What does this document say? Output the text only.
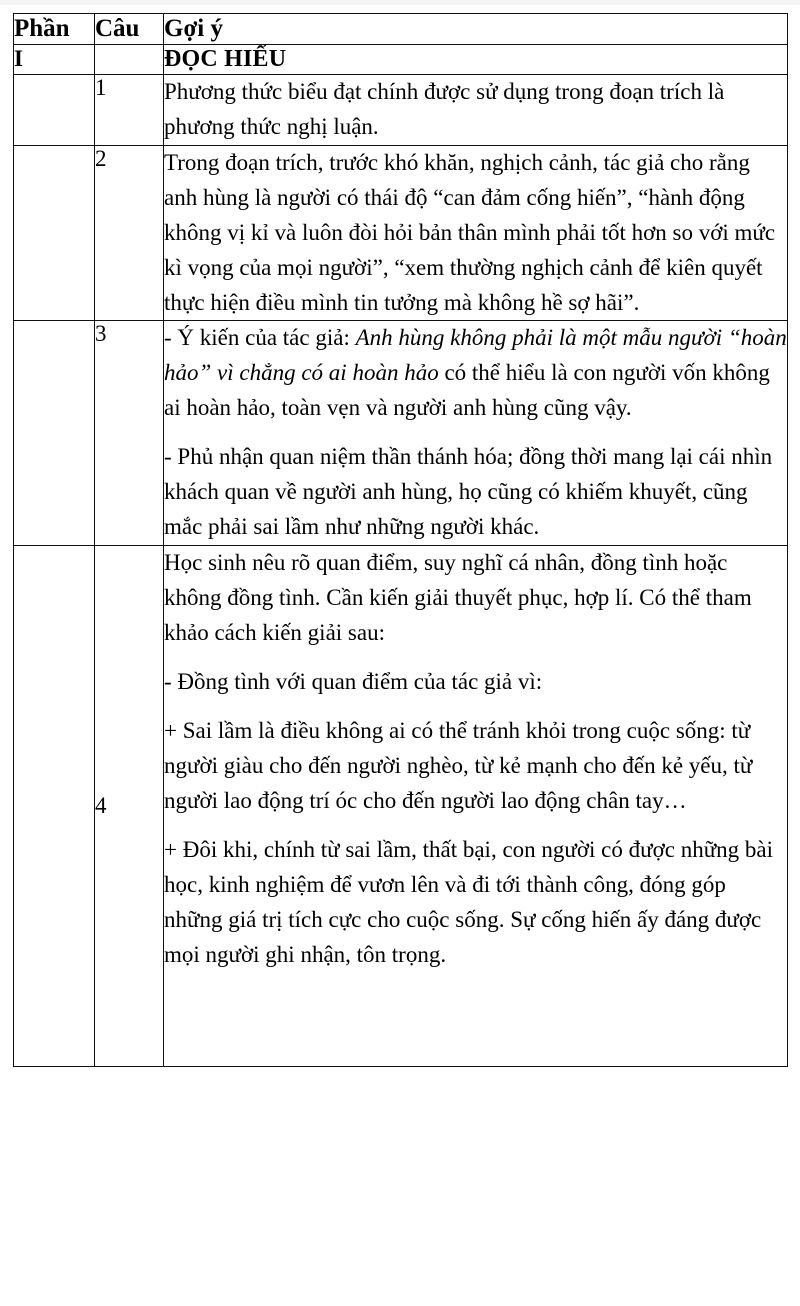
Phần	Câu	Gợi ý
I		ĐỌC HIỂU
	1	Phương thức biểu đạt chính được sử dụng trong đoạn trích là phương thức nghị luận.

	2	Trong đoạn trích, trước khó khăn, nghịch cảnh, tác giả cho rằng anh hùng là người có thái độ “can đảm cống hiến”, “hành động không vị kỉ và luôn đòi hỏi bản thân mình phải tốt hơn so với mức kì vọng của mọi người”, “xem thường nghịch cảnh để kiên quyết thực hiện điều mình tin tưởng mà không hề sợ hãi”.

	3	- Ý kiến của tác giả: Anh hùng không phải là một mẫu người “hoàn hảo” vì chẳng có ai hoàn hảo có thể hiểu là con người vốn không ai hoàn hảo, toàn vẹn và người anh hùng cũng vậy.

- Phủ nhận quan niệm thần thánh hóa; đồng thời mang lại cái nhìn khách quan về người anh hùng, họ cũng có khiếm khuyết, cũng mắc phải sai lầm như những người khác.

	4	Học sinh nêu rõ quan điểm, suy nghĩ cá nhân, đồng tình hoặc không đồng tình. Cần kiến giải thuyết phục, hợp lí. Có thể tham khảo cách kiến giải sau:

- Đồng tình với quan điểm của tác giả vì:

+ Sai lầm là điều không ai có thể tránh khỏi trong cuộc sống: từ người giàu cho đến người nghèo, từ kẻ mạnh cho đến kẻ yếu, từ người lao động trí óc cho đến người lao động chân tay…

+ Đôi khi, chính từ sai lầm, thất bại, con người có được những bài học, kinh nghiệm để vươn lên và đi tới thành công, đóng góp những giá trị tích cực cho cuộc sống. Sự cống hiến ấy đáng được mọi người ghi nhận, tôn trọng.
